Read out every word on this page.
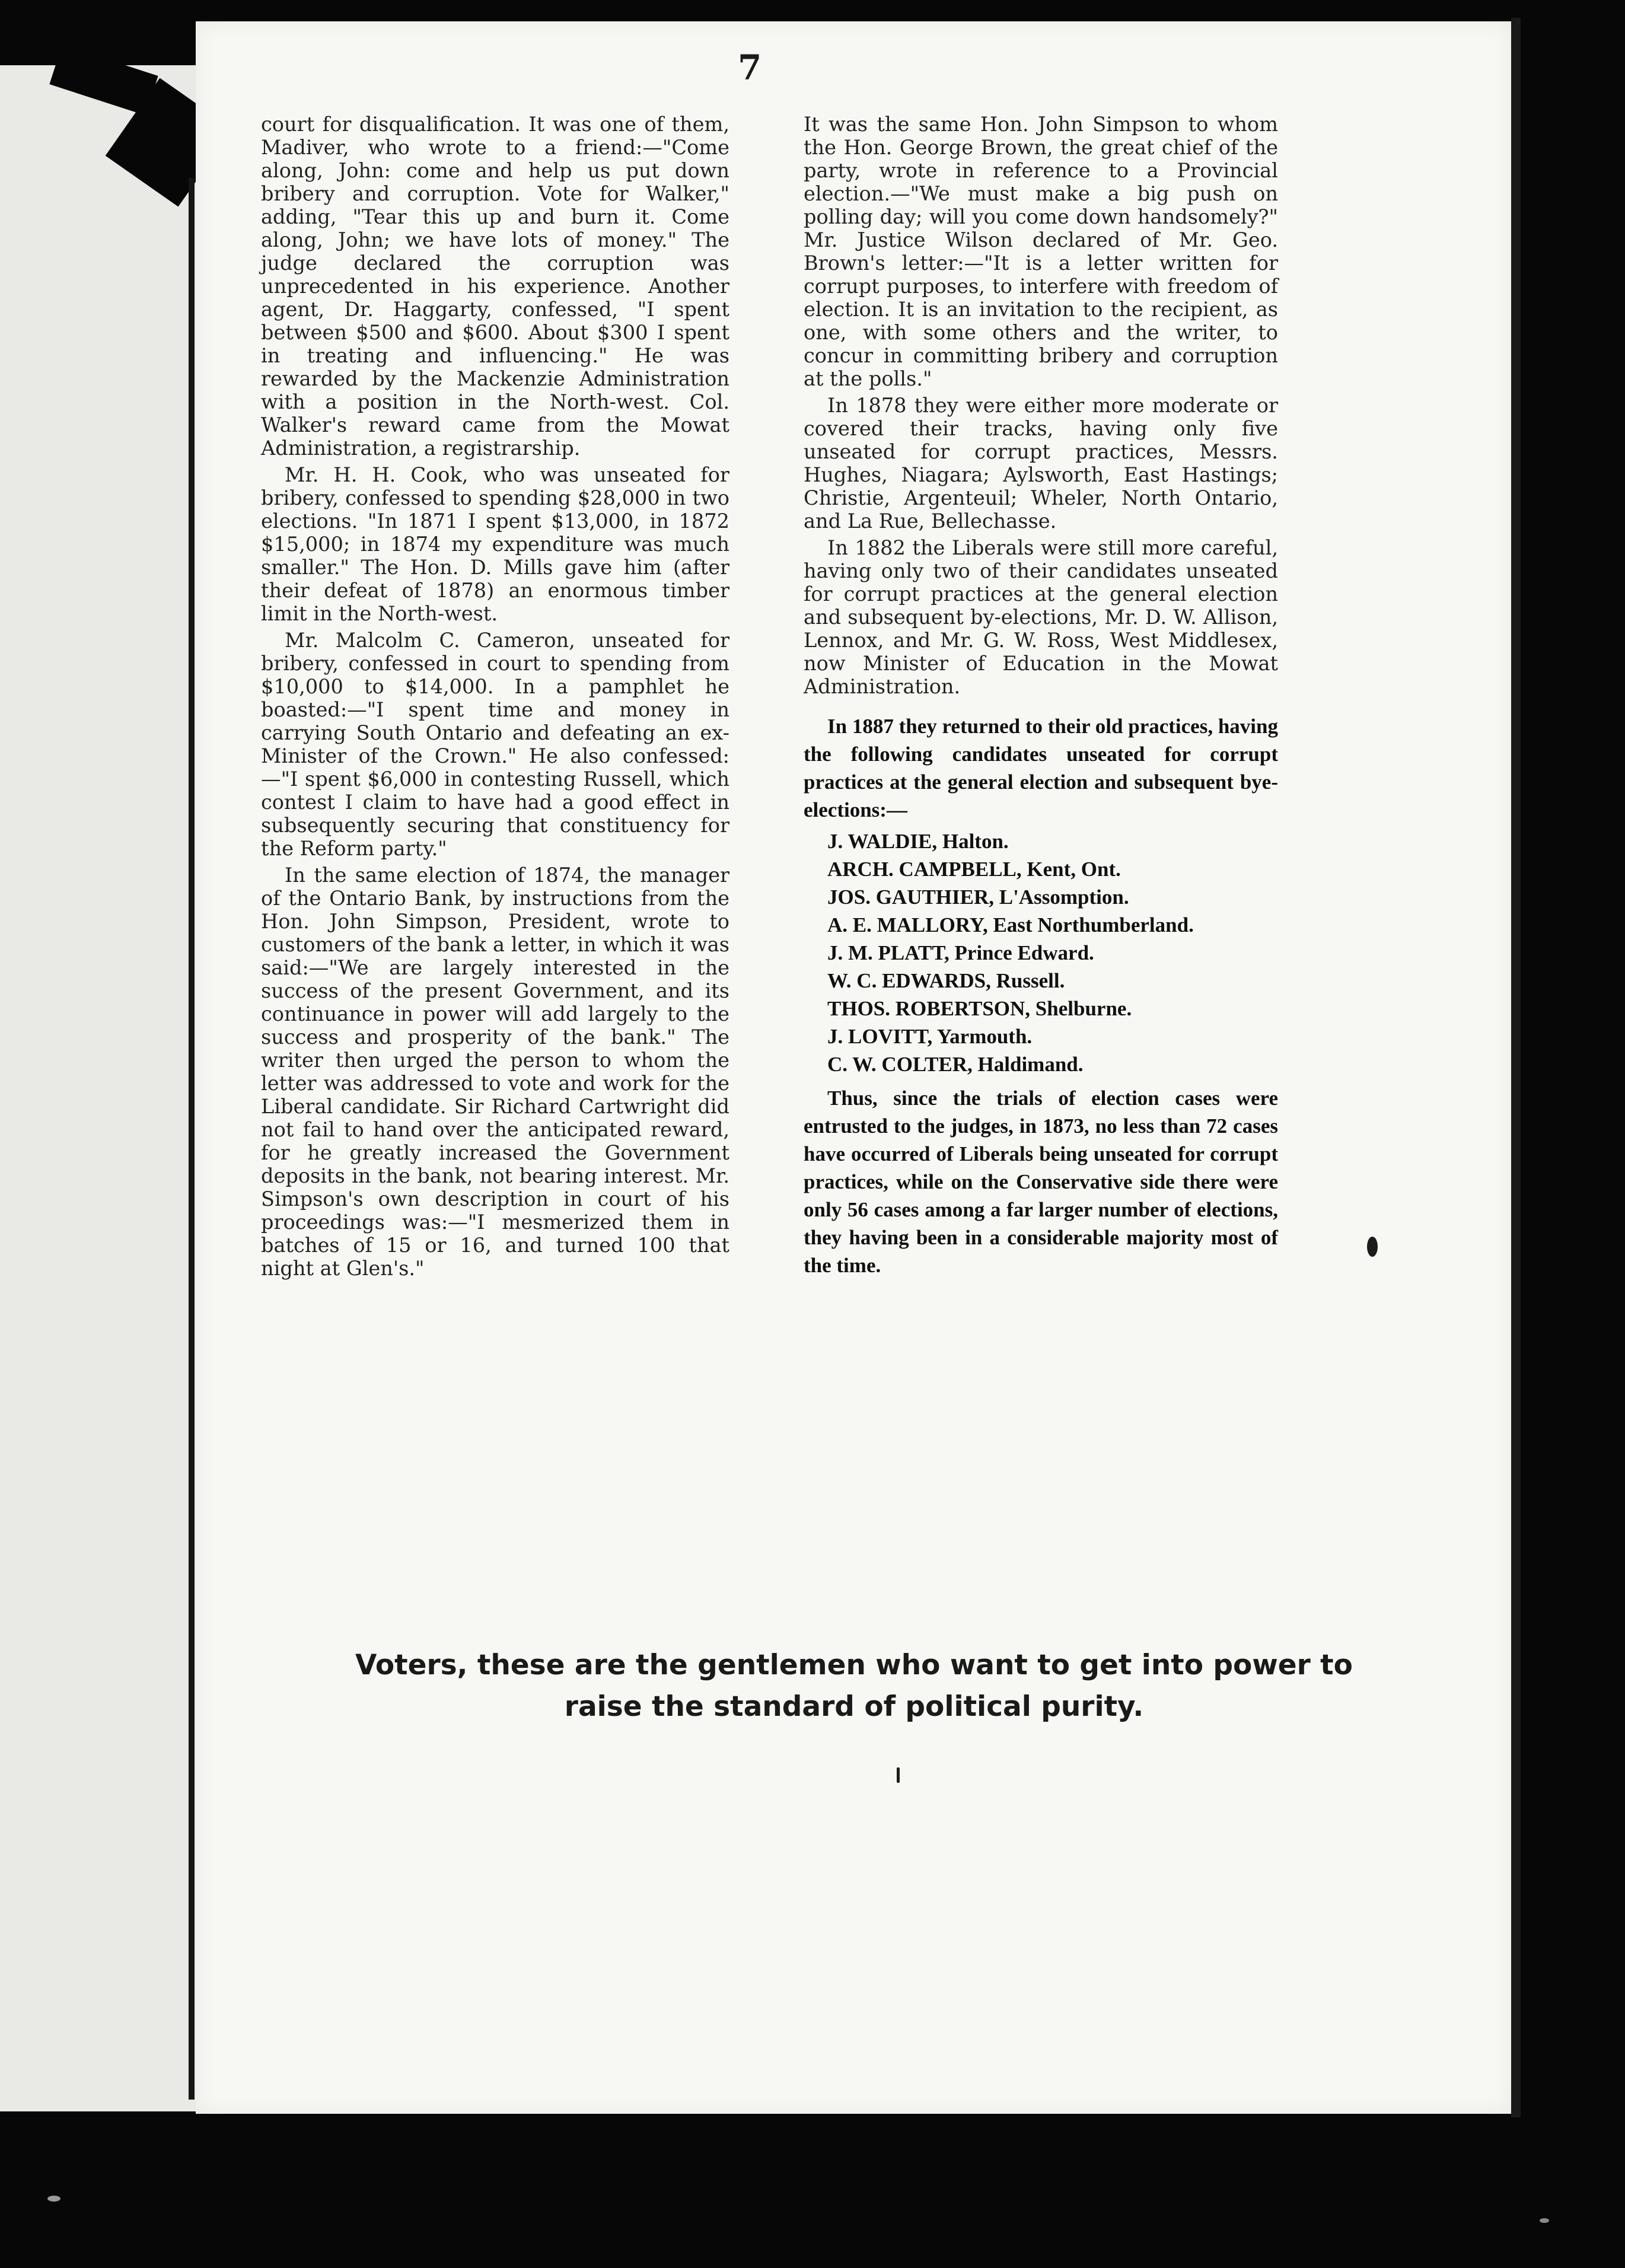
7

court for disqualification. It was one of them, Madiver, who wrote to a friend:—"Come along, John: come and help us put down bribery and corruption. Vote for Walker," adding, "Tear this up and burn it. Come along, John; we have lots of money." The judge declared the corruption was unprecedented in his experience. Another agent, Dr. Haggarty, confessed, "I spent between $500 and $600. About $300 I spent in treating and influencing." He was rewarded by the Mackenzie Administration with a position in the North-west. Col. Walker's reward came from the Mowat Administration, a registrarship.

Mr. H. H. Cook, who was unseated for bribery, confessed to spending $28,000 in two elections. "In 1871 I spent $13,000, in 1872 $15,000; in 1874 my expenditure was much smaller." The Hon. D. Mills gave him (after their defeat of 1878) an enormous timber limit in the North-west.

Mr. Malcolm C. Cameron, unseated for bribery, confessed in court to spending from $10,000 to $14,000. In a pamphlet he boasted:—"I spent time and money in carrying South Ontario and defeating an ex-Minister of the Crown." He also confessed:—"I spent $6,000 in contesting Russell, which contest I claim to have had a good effect in subsequently securing that constituency for the Reform party."

In the same election of 1874, the manager of the Ontario Bank, by instructions from the Hon. John Simpson, President, wrote to customers of the bank a letter, in which it was said:—"We are largely interested in the success of the present Government, and its continuance in power will add largely to the success and prosperity of the bank." The writer then urged the person to whom the letter was addressed to vote and work for the Liberal candidate. Sir Richard Cartwright did not fail to hand over the anticipated reward, for he greatly increased the Government deposits in the bank, not bearing interest. Mr. Simpson's own description in court of his proceedings was:—"I mesmerized them in batches of 15 or 16, and turned 100 that night at Glen's."

It was the same Hon. John Simpson to whom the Hon. George Brown, the great chief of the party, wrote in reference to a Provincial election.—"We must make a big push on polling day; will you come down handsomely?" Mr. Justice Wilson declared of Mr. Geo. Brown's letter:—"It is a letter written for corrupt purposes, to interfere with freedom of election. It is an invitation to the recipient, as one, with some others and the writer, to concur in committing bribery and corruption at the polls."

In 1878 they were either more moderate or covered their tracks, having only five unseated for corrupt practices, Messrs. Hughes, Niagara; Aylsworth, East Hastings; Christie, Argenteuil; Wheler, North Ontario, and La Rue, Bellechasse.

In 1882 the Liberals were still more careful, having only two of their candidates unseated for corrupt practices at the general election and subsequent by-elections, Mr. D. W. Allison, Lennox, and Mr. G. W. Ross, West Middlesex, now Minister of Education in the Mowat Administration.

In 1887 they returned to their old practices, having the following candidates unseated for corrupt practices at the general election and subsequent bye-elections:—

J. WALDIE, Halton.
ARCH. CAMPBELL, Kent, Ont.
JOS. GAUTHIER, L'Assomption.
A. E. MALLORY, East Northumberland.
J. M. PLATT, Prince Edward.
W. C. EDWARDS, Russell.
THOS. ROBERTSON, Shelburne.
J. LOVITT, Yarmouth.
C. W. COLTER, Haldimand.

Thus, since the trials of election cases were entrusted to the judges, in 1873, no less than 72 cases have occurred of Liberals being unseated for corrupt practices, while on the Conservative side there were only 56 cases among a far larger number of elections, they having been in a considerable majority most of the time.

Voters, these are the gentlemen who want to get into power to
raise the standard of political purity.
